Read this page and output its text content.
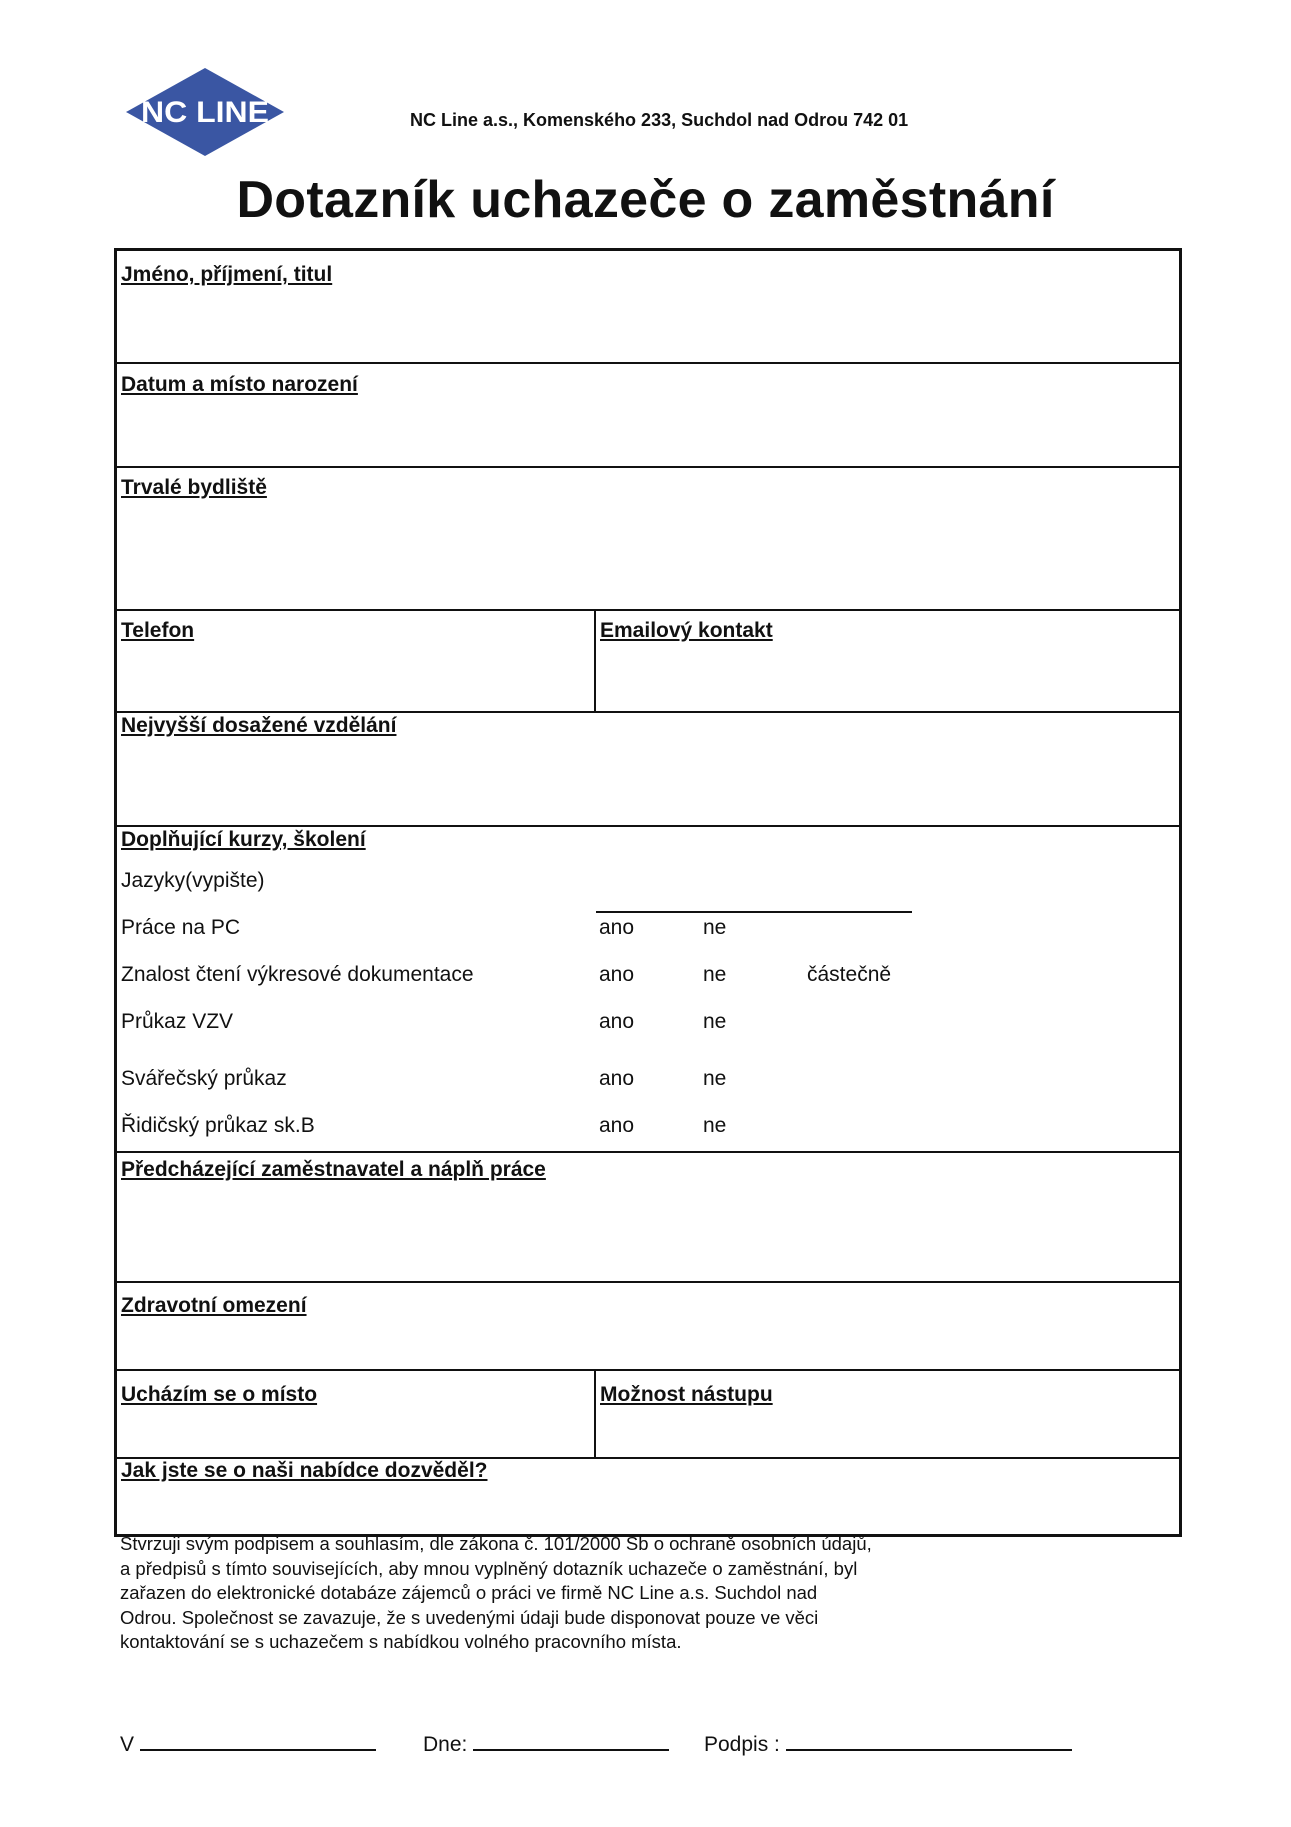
NC LINE	NC Line a.s., Komenského 233, Suchdol nad Odrou 742 01
Dotazník uchazeče o zaměstnání
Jméno, příjmení, titul
Datum a místo narození
Trvalé bydliště
Telefon	Emailový kontakt
Nejvyšší dosažené vzdělání
Doplňující kurzy, školení
Jazyky(vypište)
Práce na PC	ano	ne
Znalost čtení výkresové dokumentace	ano	ne	částečně
Průkaz VZV	ano	ne
Svářečský průkaz	ano	ne
Řidičský průkaz sk.B	ano	ne
Předcházející zaměstnavatel a náplň práce
Zdravotní omezení
Ucházím se o místo	Možnost nástupu
Jak jste se o naši nabídce dozvěděl?
Stvrzuji svým podpisem a souhlasím, dle zákona č. 101/2000 Sb o ochraně osobních údajů,
a předpisů s tímto souvisejících, aby mnou vyplněný dotazník uchazeče o zaměstnání, byl
zařazen do elektronické dotabáze zájemců o práci ve firmě NC Line a.s. Suchdol nad
Odrou. Společnost se zavazuje, že s uvedenými údaji bude disponovat pouze ve věci
kontaktování se s uchazečem s nabídkou volného pracovního místa.
V	Dne:	Podpis :
